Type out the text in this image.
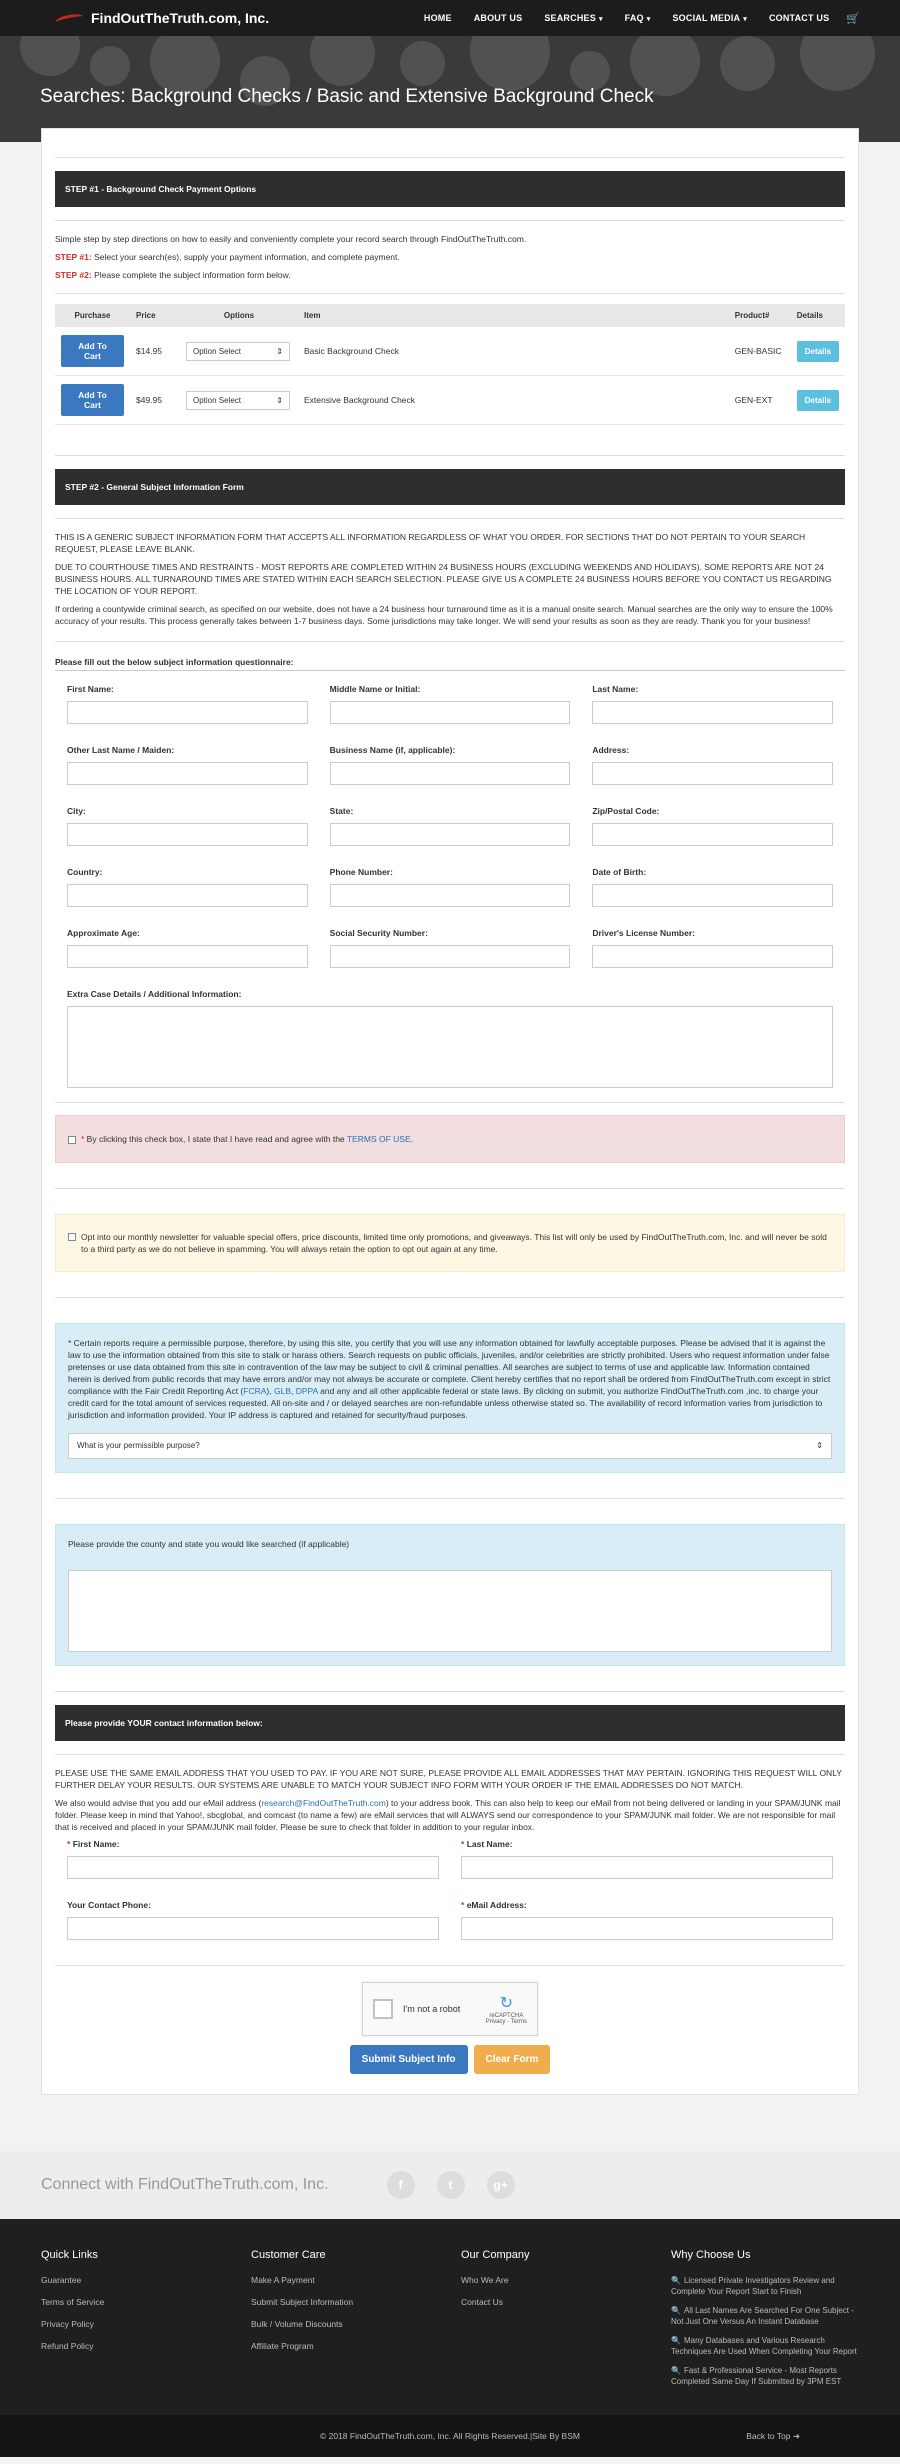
FindOutTheTruth.com, Inc.	HOME	ABOUT US	SEARCHES ▾	FAQ ▾	SOCIAL MEDIA ▾	CONTACT US	🛒
Searches: Background Checks / Basic and Extensive Background Check
STEP #1 - Background Check Payment Options

Simple step by step directions on how to easily and conveniently complete your record search through FindOutTheTruth.com.

STEP #1: Select your search(es), supply your payment information, and complete payment.

STEP #2: Please complete the subject information form below.

Purchase	Price	Options	Item	Product#	Details
Add To Cart	$14.95	Option Select ⇕	Basic Background Check	GEN-BASIC	Details
Add To Cart	$49.95	Option Select ⇕	Extensive Background Check	GEN-EXT	Details
STEP #2 - General Subject Information Form

THIS IS A GENERIC SUBJECT INFORMATION FORM THAT ACCEPTS ALL INFORMATION REGARDLESS OF WHAT YOU ORDER. FOR SECTIONS THAT DO NOT PERTAIN TO YOUR SEARCH REQUEST, PLEASE LEAVE BLANK.

DUE TO COURTHOUSE TIMES AND RESTRAINTS - MOST REPORTS ARE COMPLETED WITHIN 24 BUSINESS HOURS (EXCLUDING WEEKENDS AND HOLIDAYS). SOME REPORTS ARE NOT 24 BUSINESS HOURS. ALL TURNAROUND TIMES ARE STATED WITHIN EACH SEARCH SELECTION. PLEASE GIVE US A COMPLETE 24 BUSINESS HOURS BEFORE YOU CONTACT US REGARDING THE LOCATION OF YOUR REPORT.

If ordering a countywide criminal search, as specified on our website, does not have a 24 business hour turnaround time as it is a manual onsite search. Manual searches are the only way to ensure the 100% accuracy of your results. This process generally takes between 1-7 business days. Some jurisdictions may take longer. We will send your results as soon as they are ready. Thank you for your business!

Please fill out the below subject information questionnaire:

First Name:	Middle Name or Initial:	Last Name:
Other Last Name / Maiden:	Business Name (if, applicable):	Address:
City:	State:	Zip/Postal Code:
Country:	Phone Number:	Date of Birth:
Approximate Age:	Social Security Number:	Driver's License Number:
Extra Case Details / Additional Information:
* By clicking this check box, I state that I have read and agree with the TERMS OF USE.
Opt into our monthly newsletter for valuable special offers, price discounts, limited time only promotions, and giveaways. This list will only be used by FindOutTheTruth.com, Inc. and will never be sold to a third party as we do not believe in spamming. You will always retain the option to opt out again at any time.

* Certain reports require a permissible purpose, therefore, by using this site, you certify that you will use any information obtained for lawfully acceptable purposes. Please be advised that it is against the law to use the information obtained from this site to stalk or harass others. Search requests on public officials, juveniles, and/or celebrities are strictly prohibited. Users who request information under false pretenses or use data obtained from this site in contravention of the law may be subject to civil & criminal penalties. All searches are subject to terms of use and applicable law. Information contained herein is derived from public records that may have errors and/or may not always be accurate or complete. Client hereby certifies that no report shall be ordered from FindOutTheTruth.com except in strict compliance with the Fair Credit Reporting Act (FCRA), GLB, DPPA and any and all other applicable federal or state laws. By clicking on submit, you authorize FindOutTheTruth.com ,inc. to charge your credit card for the total amount of services requested. All on-site and / or delayed searches are non-refundable unless otherwise stated so. The availability of record information varies from jurisdiction to jurisdiction and information provided. Your IP address is captured and retained for security/fraud purposes.

What is your permissible purpose?	⇕

Please provide the county and state you would like searched (if applicable)

Please provide YOUR contact information below:

PLEASE USE THE SAME EMAIL ADDRESS THAT YOU USED TO PAY. IF YOU ARE NOT SURE, PLEASE PROVIDE ALL EMAIL ADDRESSES THAT MAY PERTAIN. IGNORING THIS REQUEST WILL ONLY FURTHER DELAY YOUR RESULTS. OUR SYSTEMS ARE UNABLE TO MATCH YOUR SUBJECT INFO FORM WITH YOUR ORDER IF THE EMAIL ADDRESSES DO NOT MATCH.

We also would advise that you add our eMail address (research@FindOutTheTruth.com) to your address book. This can also help to keep our eMail from not being delivered or landing in your SPAM/JUNK mail folder. Please keep in mind that Yahoo!, sbcglobal, and comcast (to name a few) are eMail services that will ALWAYS send our correspondence to your SPAM/JUNK mail folder. We are not responsible for mail that is received and placed in your SPAM/JUNK mail folder. Please be sure to check that folder in addition to your regular inbox.

* First Name:	* Last Name:
Your Contact Phone:	* eMail Address:
I'm not a robot	↻
reCAPTCHA
Privacy - Terms
Submit Subject Info	Clear Form
Connect with FindOutTheTruth.com, Inc.	f	t	g+
Quick Links
Guarantee
Terms of Service
Privacy Policy
Refund Policy
Customer Care
Make A Payment
Submit Subject Information
Bulk / Volume Discounts
Affiliate Program
Our Company
Who We Are
Contact Us
Why Choose Us
🔍 Licensed Private Investigators Review and Complete Your Report Start to Finish
🔍 All Last Names Are Searched For One Subject - Not Just One Versus An Instant Database
🔍 Many Databases and Various Research Techniques Are Used When Completing Your Report
🔍 Fast & Professional Service - Most Reports Completed Same Day If Submitted by 3PM EST
© 2018 FindOutTheTruth.com, Inc. All Rights Reserved. | Site By BSM	Back to Top ➜
